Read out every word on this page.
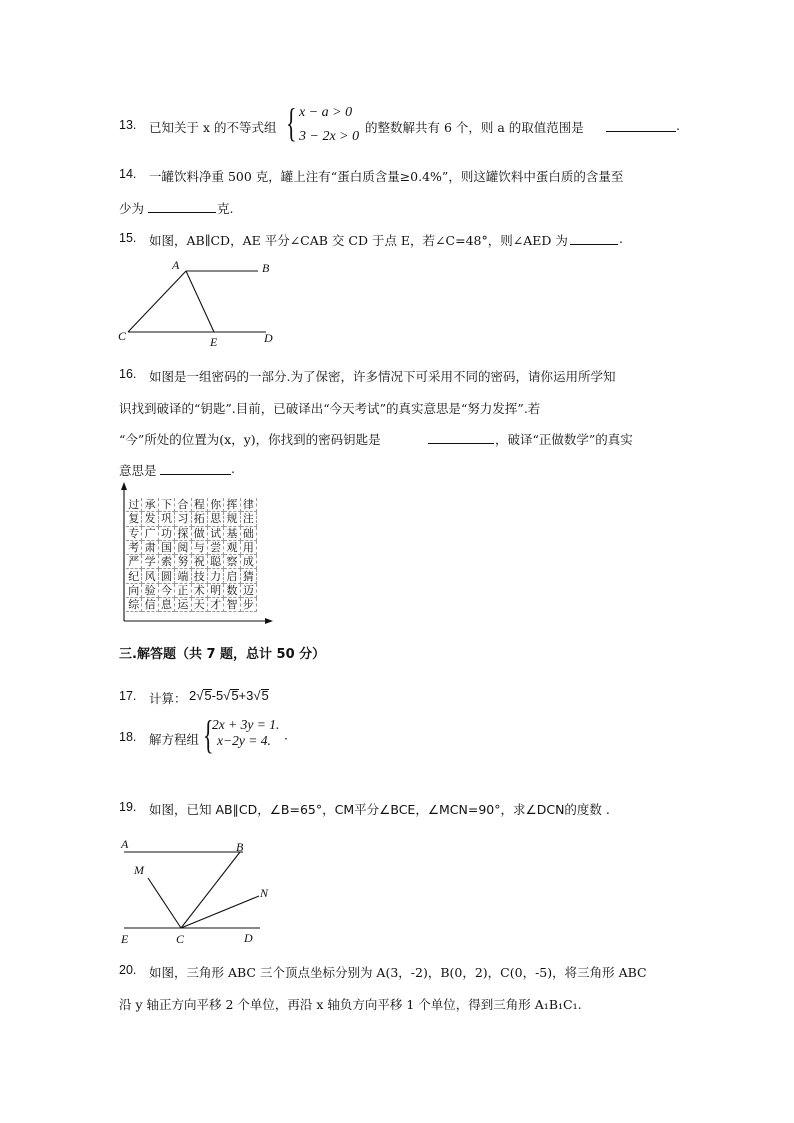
13. 已知关于 x 的不等式组 { x − a > 0
3 − 2x > 0
的整数解共有 6 个，则 a 的取值范围是	.
14. 一罐饮料净重 500 克，罐上注有“蛋白质含量≥0.4%”，则这罐饮料中蛋白质的含量至
少为	克.
15. 如图，AB∥CD，AE 平分∠CAB 交 CD 于点 E，若∠C=48°，则∠AED 为	.
A	B
C	E	D
16. 如图是一组密码的一部分.为了保密，许多情况下可采用不同的密码，请你运用所学知
识找到破译的“钥匙”.目前，已破译出“今天考试”的真实意思是“努力发挥”.若
“今”所处的位置为(x，y)，你找到的密码钥匙是	，破译“正做数学”的真实
意思是	.
过	承	下	合	程	你	挥	律
复	发	巩	习	拓	思	规	注
专	广	功	探	做	试	基	础
考	肃	国	阅	与	尝	观	用
严	学	索	努	祝	聪	察	成
纪	风	圆	端	技	力	启	猜
向	验	今	正	术	明	数	迈
综	信	息	运	天	才	智	步
三.解答题（共 7 题，总计 50 分）
17. 计算： 2√5-5√5+3√5
18. 解方程组 {
2x + 3y = 1.
x−2y = 4. ·
19. 如图，已知 AB∥CD，∠B=65°，CM平分∠BCE，∠MCN=90°，求∠DCN的度数 .
A	B
M
N
E	C	D
20. 如图，三角形 ABC 三个顶点坐标分别为 A(3，-2)，B(0，2)，C(0，-5)，将三角形 ABC
沿 y 轴正方向平移 2 个单位，再沿 x 轴负方向平移 1 个单位，得到三角形 A₁B₁C₁.
